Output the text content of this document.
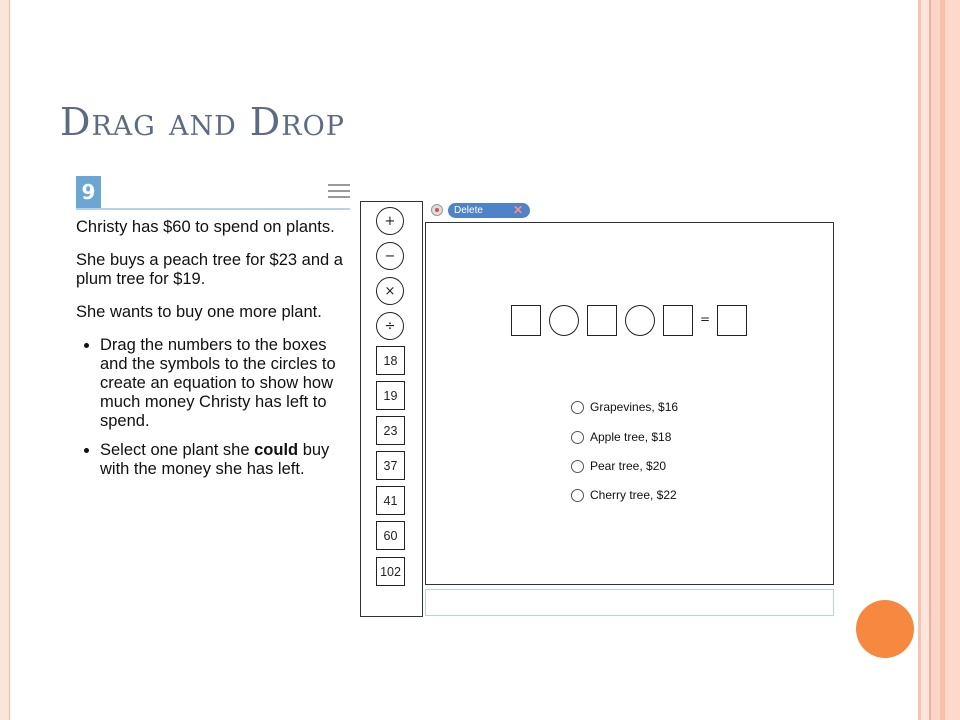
Drag and Drop
9

Christy has $60 to spend on plants.

She buys a peach tree for $23 and a plum tree for $19.

She wants to buy one more plant.

• Drag the numbers to the boxes and the symbols to the circles to create an equation to show how much money Christy has left to spend.
• Select one plant she could buy with the money she has left.
+
−
×
÷
18
19
23
37
41
60
102
Delete	✕
=
Grapevines, $16
Apple tree, $18
Pear tree, $20
Cherry tree, $22
